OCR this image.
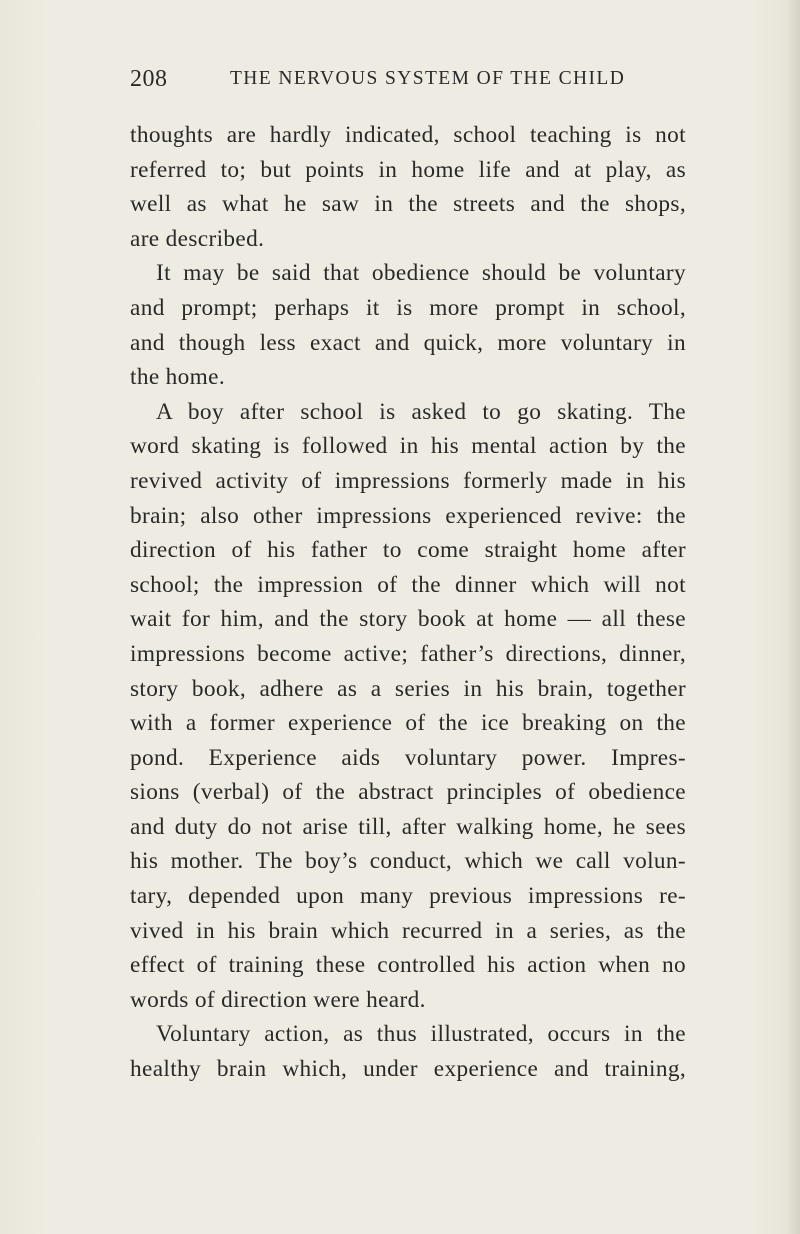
208	THE NERVOUS SYSTEM OF THE CHILD
thoughts are hardly indicated, school teaching is not
referred to; but points in home life and at play, as
well as what he saw in the streets and the shops,
are described.
It may be said that obedience should be voluntary
and prompt; perhaps it is more prompt in school,
and though less exact and quick, more voluntary in
the home.
A boy after school is asked to go skating. The
word skating is followed in his mental action by the
revived activity of impressions formerly made in his
brain; also other impressions experienced revive: the
direction of his father to come straight home after
school; the impression of the dinner which will not
wait for him, and the story book at home — all these
impressions become active; father’s directions, dinner,
story book, adhere as a series in his brain, together
with a former experience of the ice breaking on the
pond. Experience aids voluntary power. Impres-
sions (verbal) of the abstract principles of obedience
and duty do not arise till, after walking home, he sees
his mother. The boy’s conduct, which we call volun-
tary, depended upon many previous impressions re-
vived in his brain which recurred in a series, as the
effect of training these controlled his action when no
words of direction were heard.
Voluntary action, as thus illustrated, occurs in the
healthy brain which, under experience and training,
